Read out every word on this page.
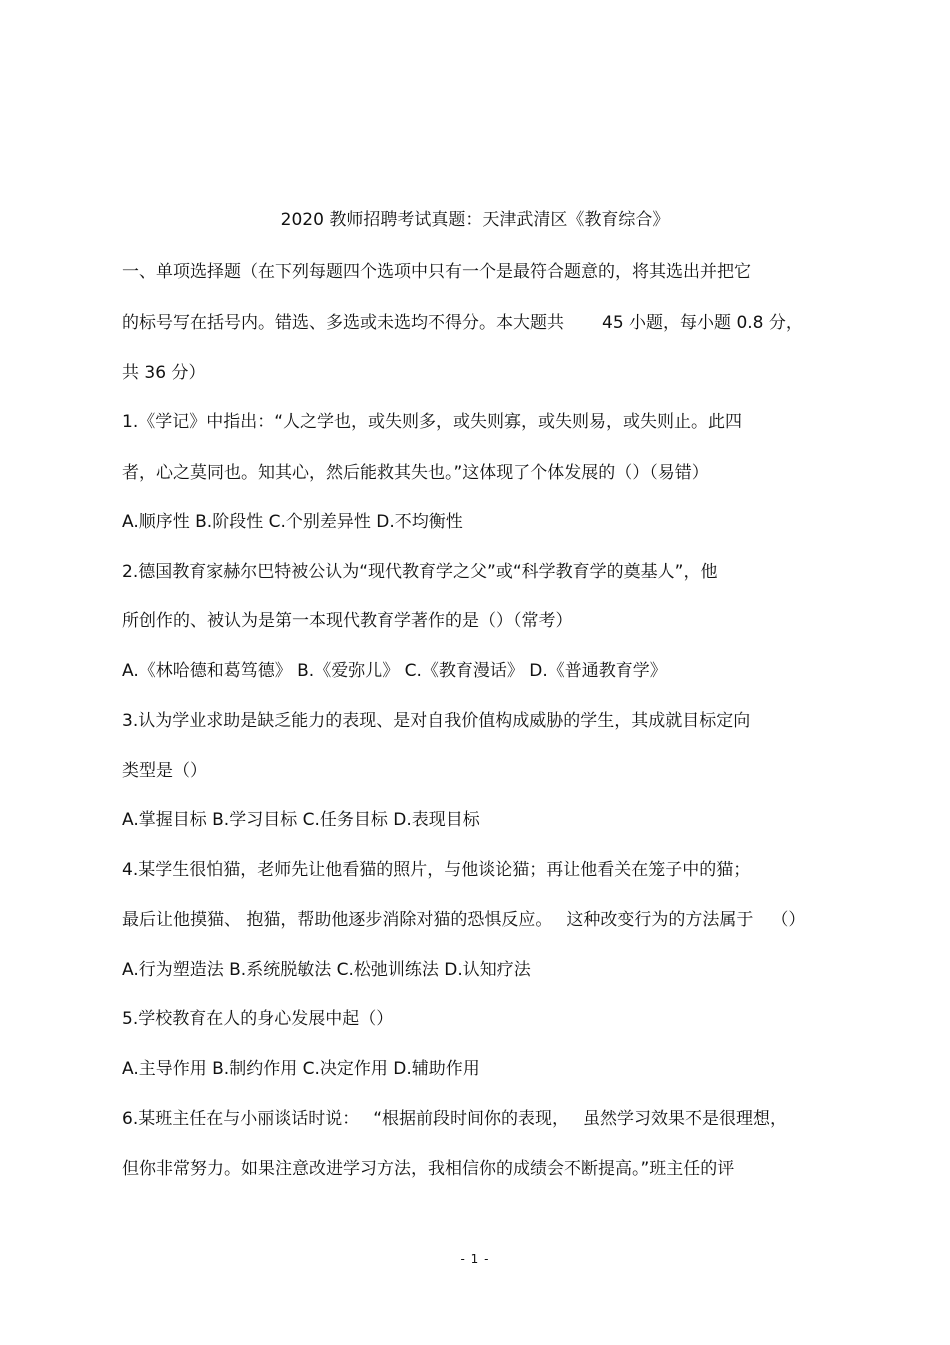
2020 教师招聘考试真题：天津武清区《教育综合》
一、单项选择题（在下列每题四个选项中只有一个是最符合题意的，将其选出并把它
的标号写在括号内。错选、多选或未选均不得分。本大题共 45 小题，每小题 0.8 分，
共 36 分）
1.《学记》中指出：“人之学也，或失则多，或失则寡，或失则易，或失则止。此四
者，心之莫同也。知其心，然后能救其失也。”这体现了个体发展的（）（易错）
A.顺序性 B.阶段性 C.个别差异性 D.不均衡性
2.德国教育家赫尔巴特被公认为“现代教育学之父”或“科学教育学的奠基人”，他
所创作的、被认为是第一本现代教育学著作的是（）（常考）
A.《林哈德和葛笃德》 B.《爱弥儿》 C.《教育漫话》 D.《普通教育学》
3.认为学业求助是缺乏能力的表现、是对自我价值构成威胁的学生，其成就目标定向
类型是（）
A.掌握目标 B.学习目标 C.任务目标 D.表现目标
4.某学生很怕猫，老师先让他看猫的照片，与他谈论猫；再让他看关在笼子中的猫；
最后让他摸猫、 抱猫，帮助他逐步消除对猫的恐惧反应。 这种改变行为的方法属于 （）
A.行为塑造法 B.系统脱敏法 C.松弛训练法 D.认知疗法
5.学校教育在人的身心发展中起（）
A.主导作用 B.制约作用 C.决定作用 D.辅助作用
6.某班主任在与小丽谈话时说： “根据前段时间你的表现， 虽然学习效果不是很理想，
但你非常努力。如果注意改进学习方法，我相信你的成绩会不断提高。”班主任的评
- 1 -
